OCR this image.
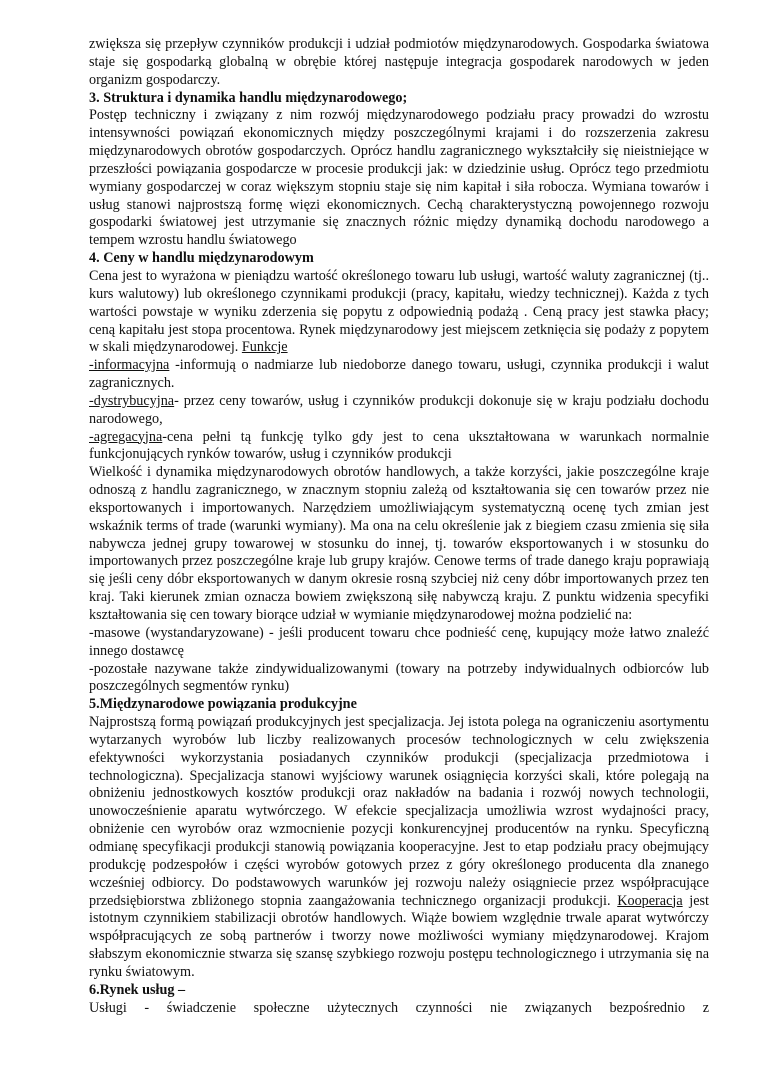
zwiększa się przepływ czynników produkcji i udział podmiotów międzynarodowych. Gospodarka światowa staje się gospodarką globalną w obrębie której następuje integracja gospodarek narodowych w jeden organizm gospodarczy.

3. Struktura i dynamika handlu międzynarodowego;

Postęp techniczny i związany z nim rozwój międzynarodowego podziału pracy prowadzi do wzrostu intensywności powiązań ekonomicznych między poszczególnymi krajami i do rozszerzenia zakresu międzynarodowych obrotów gospodarczych. Oprócz handlu zagranicznego wykształciły się nieistniejące w przeszłości powiązania gospodarcze w procesie produkcji jak: w dziedzinie usług. Oprócz tego przedmiotu wymiany gospodarczej w coraz większym stopniu staje się nim kapitał i siła robocza. Wymiana towarów i usług stanowi najprostszą formę więzi ekonomicznych. Cechą charakterystyczną powojennego rozwoju gospodarki światowej jest utrzymanie się znacznych różnic między dynamiką dochodu narodowego a tempem wzrostu handlu światowego

4. Ceny w handlu międzynarodowym

Cena jest to wyrażona w pieniądzu wartość określonego towaru lub usługi, wartość waluty zagranicznej (tj.. kurs walutowy) lub określonego czynnikami produkcji (pracy, kapitału, wiedzy technicznej). Każda z tych wartości powstaje w wyniku zderzenia się popytu z odpowiednią podażą . Ceną pracy jest stawka płacy; ceną kapitału jest stopa procentowa. Rynek międzynarodowy jest miejscem zetknięcia się podaży z popytem w skali międzynarodowej. Funkcje

-informacyjna -informują o nadmiarze lub niedoborze danego towaru, usługi, czynnika produkcji i walut zagranicznych.

-dystrybucyjna- przez ceny towarów, usług i czynników produkcji dokonuje się w kraju podziału dochodu narodowego,

-agregacyjna-cena pełni tą funkcję tylko gdy jest to cena ukształtowana w warunkach normalnie funkcjonujących rynków towarów, usług i czynników produkcji

Wielkość i dynamika międzynarodowych obrotów handlowych, a także korzyści, jakie poszczególne kraje odnoszą z handlu zagranicznego, w znacznym stopniu zależą od kształtowania się cen towarów przez nie eksportowanych i importowanych. Narzędziem umożliwiającym systematyczną ocenę tych zmian jest wskaźnik terms of trade (warunki wymiany). Ma ona na celu określenie jak z biegiem czasu zmienia się siła nabywcza jednej grupy towarowej w stosunku do innej, tj. towarów eksportowanych i w stosunku do importowanych przez poszczególne kraje lub grupy krajów. Cenowe terms of trade danego kraju poprawiają się jeśli ceny dóbr eksportowanych w danym okresie rosną szybciej niż ceny dóbr importowanych przez ten kraj. Taki kierunek zmian oznacza bowiem zwiększoną siłę nabywczą kraju. Z punktu widzenia specyfiki kształtowania się cen towary biorące udział w wymianie międzynarodowej można podzielić na:

-masowe (wystandaryzowane) - jeśli producent towaru chce podnieść cenę, kupujący może łatwo znaleźć innego dostawcę

-pozostałe nazywane także zindywidualizowanymi (towary na potrzeby indywidualnych odbiorców lub poszczególnych segmentów rynku)

5.Międzynarodowe powiązania produkcyjne

Najprostszą formą powiązań produkcyjnych jest specjalizacja. Jej istota polega na ograniczeniu asortymentu wytarzanych wyrobów lub liczby realizowanych procesów technologicznych w celu zwiększenia efektywności wykorzystania posiadanych czynników produkcji (specjalizacja przedmiotowa i technologiczna). Specjalizacja stanowi wyjściowy warunek osiągnięcia korzyści skali, które polegają na obniżeniu jednostkowych kosztów produkcji oraz nakładów na badania i rozwój nowych technologii, unowocześnienie aparatu wytwórczego. W efekcie specjalizacja umożliwia wzrost wydajności pracy, obniżenie cen wyrobów oraz wzmocnienie pozycji konkurencyjnej producentów na rynku. Specyficzną odmianę specyfikacji produkcji stanowią powiązania kooperacyjne. Jest to etap podziału pracy obejmujący produkcję podzespołów i części wyrobów gotowych przez z góry określonego producenta dla znanego wcześniej odbiorcy. Do podstawowych warunków jej rozwoju należy osiągniecie przez współpracujące przedsiębiorstwa zbliżonego stopnia zaangażowania technicznego organizacji produkcji. Kooperacja jest istotnym czynnikiem stabilizacji obrotów handlowych. Wiąże bowiem względnie trwale aparat wytwórczy współpracujących ze sobą partnerów i tworzy nowe możliwości wymiany międzynarodowej. Krajom słabszym ekonomicznie stwarza się szansę szybkiego rozwoju postępu technologicznego i utrzymania się na rynku światowym.

6.Rynek usług –

Usługi - świadczenie społeczne użytecznych czynności nie związanych bezpośrednio z
